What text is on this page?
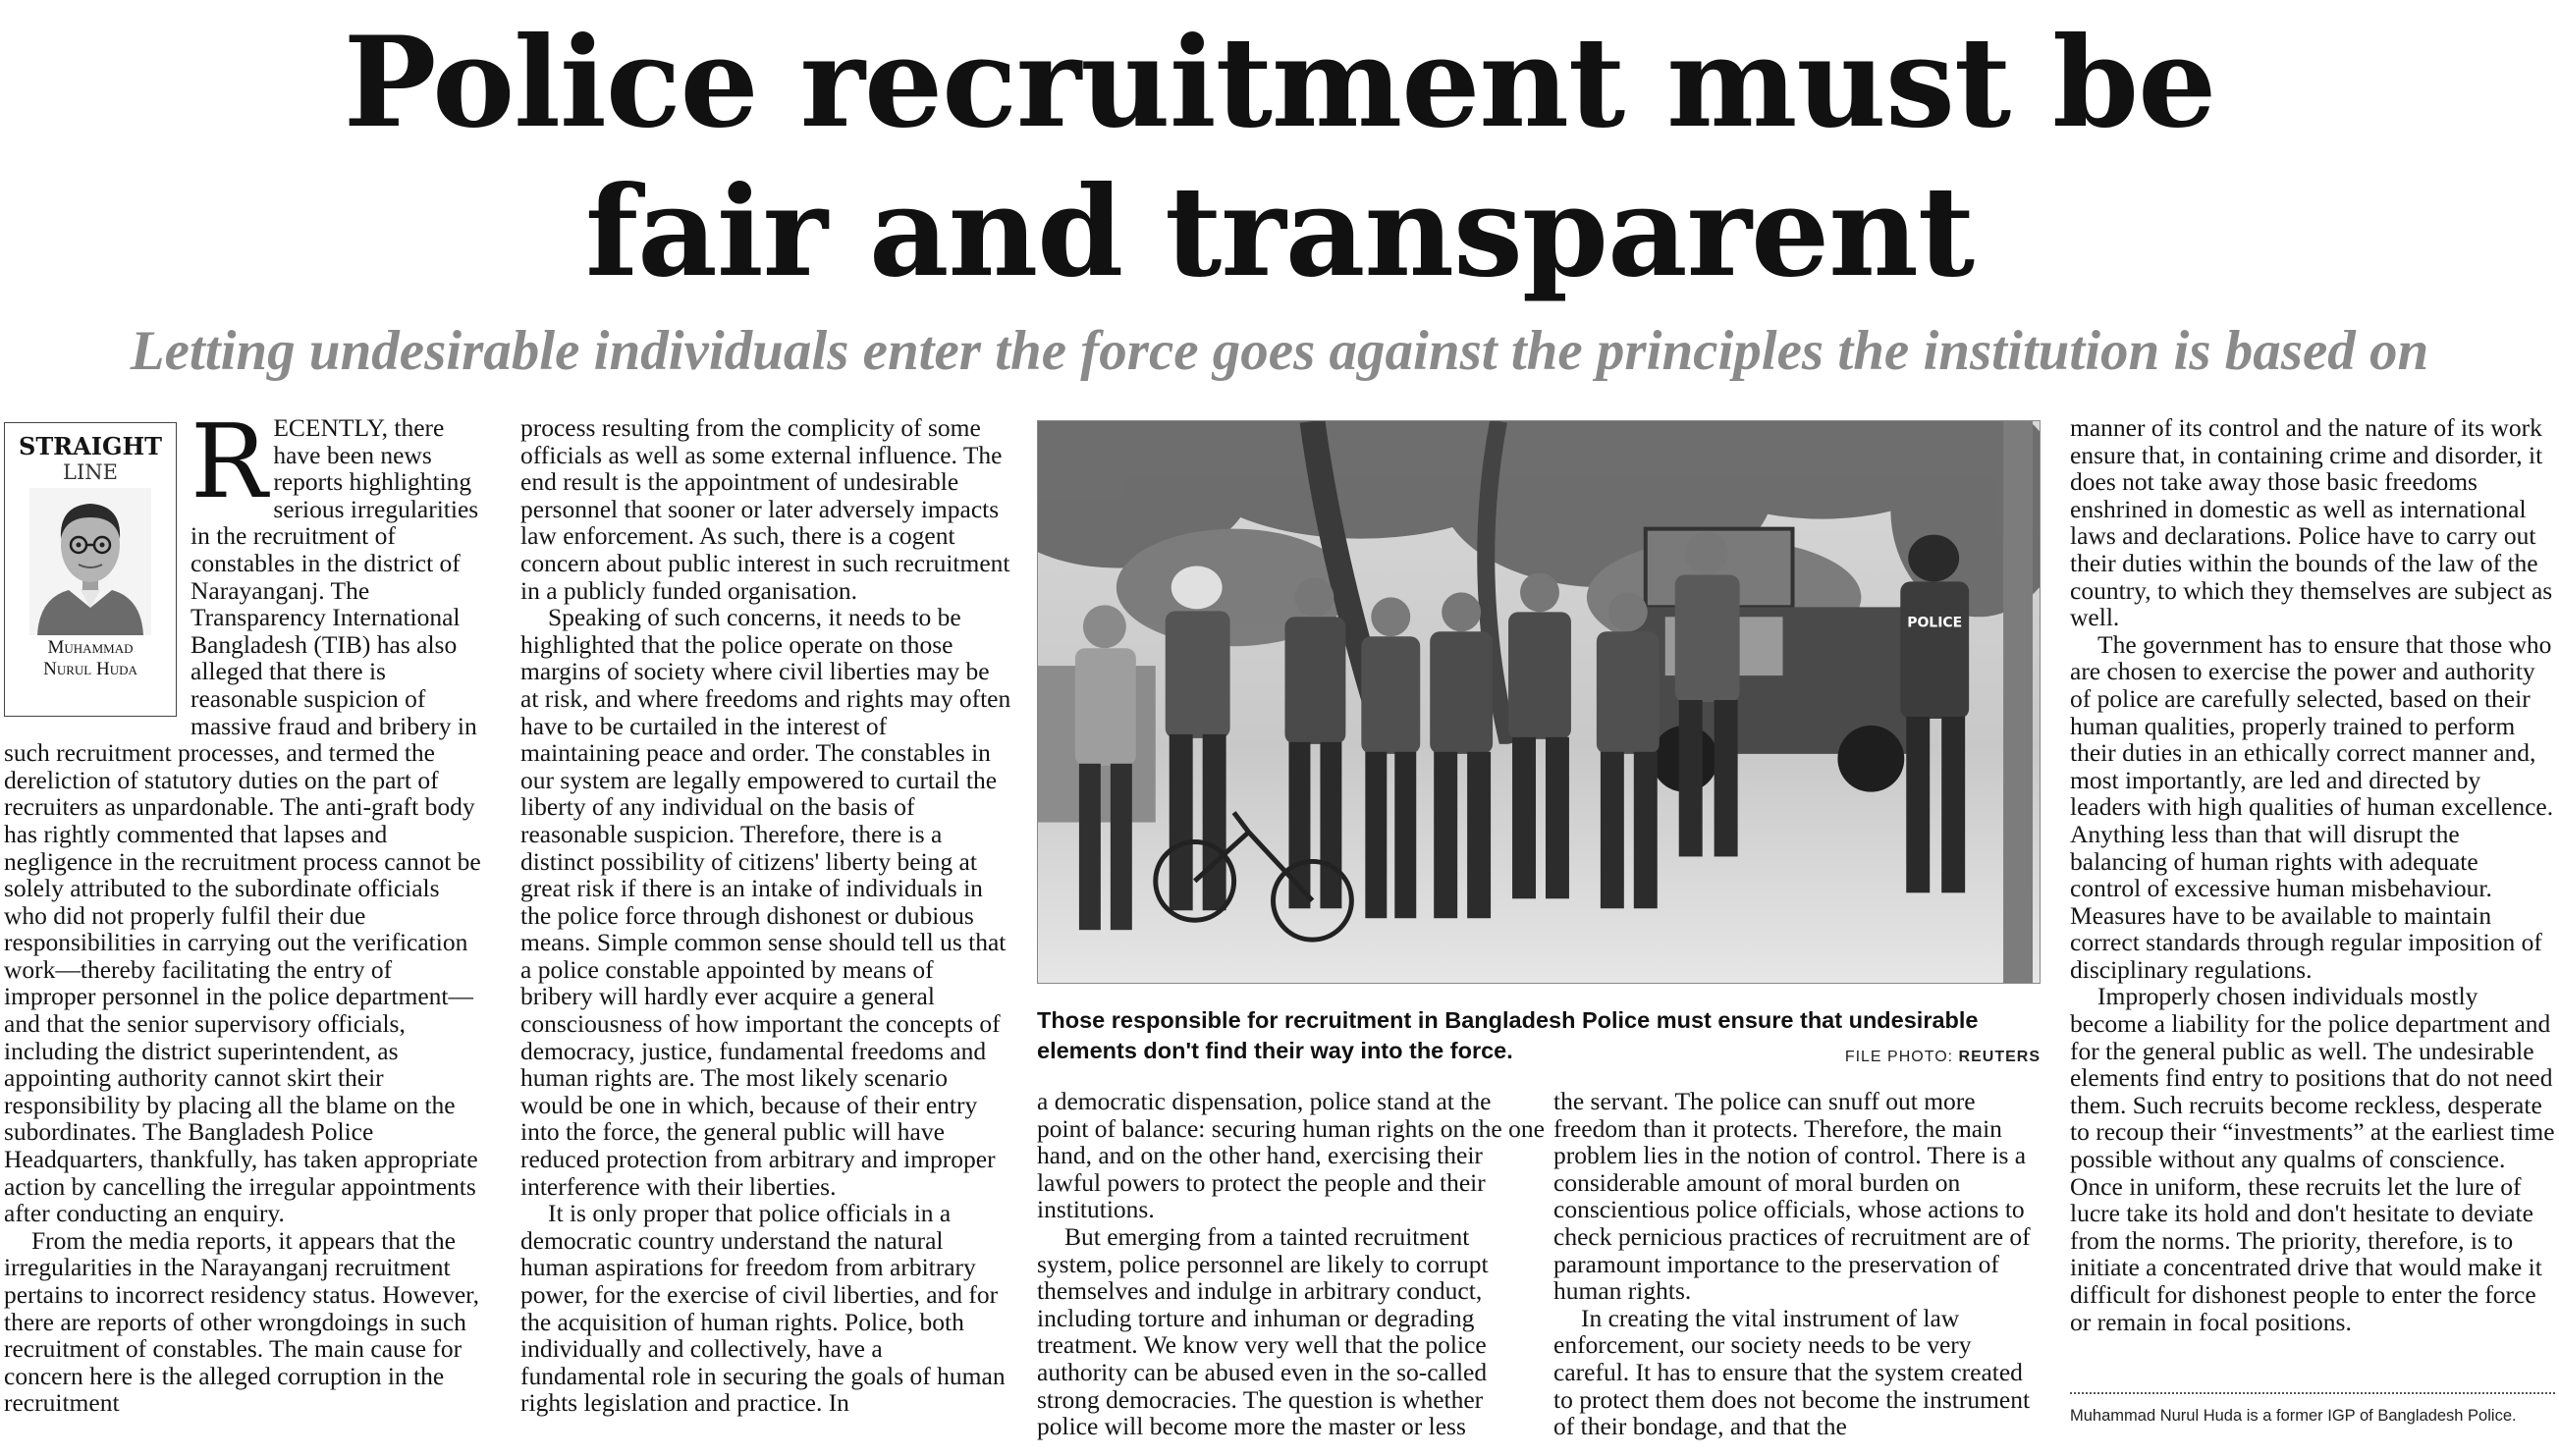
Police recruitment must be
fair and transparent
Letting undesirable individuals enter the force goes against the principles the institution is based on
STRAIGHT
LINE
Muhammad
Nurul Huda

RECENTLY, there have been news reports highlighting serious irregularities in the recruitment of constables in the district of Narayanganj. The Transparency International Bangladesh (TIB) has also alleged that there is reasonable suspicion of massive fraud and bribery in such recruitment processes, and termed the dereliction of statutory duties on the part of recruiters as unpardonable. The anti-graft body has rightly commented that lapses and negligence in the recruitment process cannot be solely attributed to the subordinate officials who did not properly fulfil their due responsibilities in carrying out the verification work—thereby facilitating the entry of improper personnel in the police department—and that the senior supervisory officials, including the district superintendent, as appointing authority cannot skirt their responsibility by placing all the blame on the subordinates. The Bangladesh Police Headquarters, thankfully, has taken appropriate action by cancelling the irregular appointments after conducting an enquiry.

From the media reports, it appears that the irregularities in the Narayanganj recruitment pertains to incorrect residency status. However, there are reports of other wrongdoings in such recruitment of constables. The main cause for concern here is the alleged corruption in the recruitment

process resulting from the complicity of some officials as well as some external influence. The end result is the appointment of undesirable personnel that sooner or later adversely impacts law enforcement. As such, there is a cogent concern about public interest in such recruitment in a publicly funded organisation.

Speaking of such concerns, it needs to be highlighted that the police operate on those margins of society where civil liberties may be at risk, and where freedoms and rights may often have to be curtailed in the interest of maintaining peace and order. The constables in our system are legally empowered to curtail the liberty of any individual on the basis of reasonable suspicion. Therefore, there is a distinct possibility of citizens' liberty being at great risk if there is an intake of individuals in the police force through dishonest or dubious means. Simple common sense should tell us that a police constable appointed by means of bribery will hardly ever acquire a general consciousness of how important the concepts of democracy, justice, fundamental freedoms and human rights are. The most likely scenario would be one in which, because of their entry into the force, the general public will have reduced protection from arbitrary and improper interference with their liberties.

It is only proper that police officials in a democratic country understand the natural human aspirations for freedom from arbitrary power, for the exercise of civil liberties, and for the acquisition of human rights. Police, both individually and collectively, have a fundamental role in securing the goals of human rights legislation and practice. In

POLICE
Those responsible for recruitment in Bangladesh Police must ensure that undesirable elements don't find their way into the force.	FILE PHOTO: REUTERS

a democratic dispensation, police stand at the point of balance: securing human rights on the one hand, and on the other hand, exercising their lawful powers to protect the people and their institutions.

But emerging from a tainted recruitment system, police personnel are likely to corrupt themselves and indulge in arbitrary conduct, including torture and inhuman or degrading treatment. We know very well that the police authority can be abused even in the so-called strong democracies. The question is whether police will become more the master or less

the servant. The police can snuff out more freedom than it protects. Therefore, the main problem lies in the notion of control. There is a considerable amount of moral burden on conscientious police officials, whose actions to check pernicious practices of recruitment are of paramount importance to the preservation of human rights.

In creating the vital instrument of law enforcement, our society needs to be very careful. It has to ensure that the system created to protect them does not become the instrument of their bondage, and that the

manner of its control and the nature of its work ensure that, in containing crime and disorder, it does not take away those basic freedoms enshrined in domestic as well as international laws and declarations. Police have to carry out their duties within the bounds of the law of the country, to which they themselves are subject as well.

The government has to ensure that those who are chosen to exercise the power and authority of police are carefully selected, based on their human qualities, properly trained to perform their duties in an ethically correct manner and, most importantly, are led and directed by leaders with high qualities of human excellence. Anything less than that will disrupt the balancing of human rights with adequate control of excessive human misbehaviour. Measures have to be available to maintain correct standards through regular imposition of disciplinary regulations.

Improperly chosen individuals mostly become a liability for the police department and for the general public as well. The undesirable elements find entry to positions that do not need them. Such recruits become reckless, desperate to recoup their “investments” at the earliest time possible without any qualms of conscience. Once in uniform, these recruits let the lure of lucre take its hold and don't hesitate to deviate from the norms. The priority, therefore, is to initiate a concentrated drive that would make it difficult for dishonest people to enter the force or remain in focal positions.

Muhammad Nurul Huda is a former IGP of Bangladesh Police.
